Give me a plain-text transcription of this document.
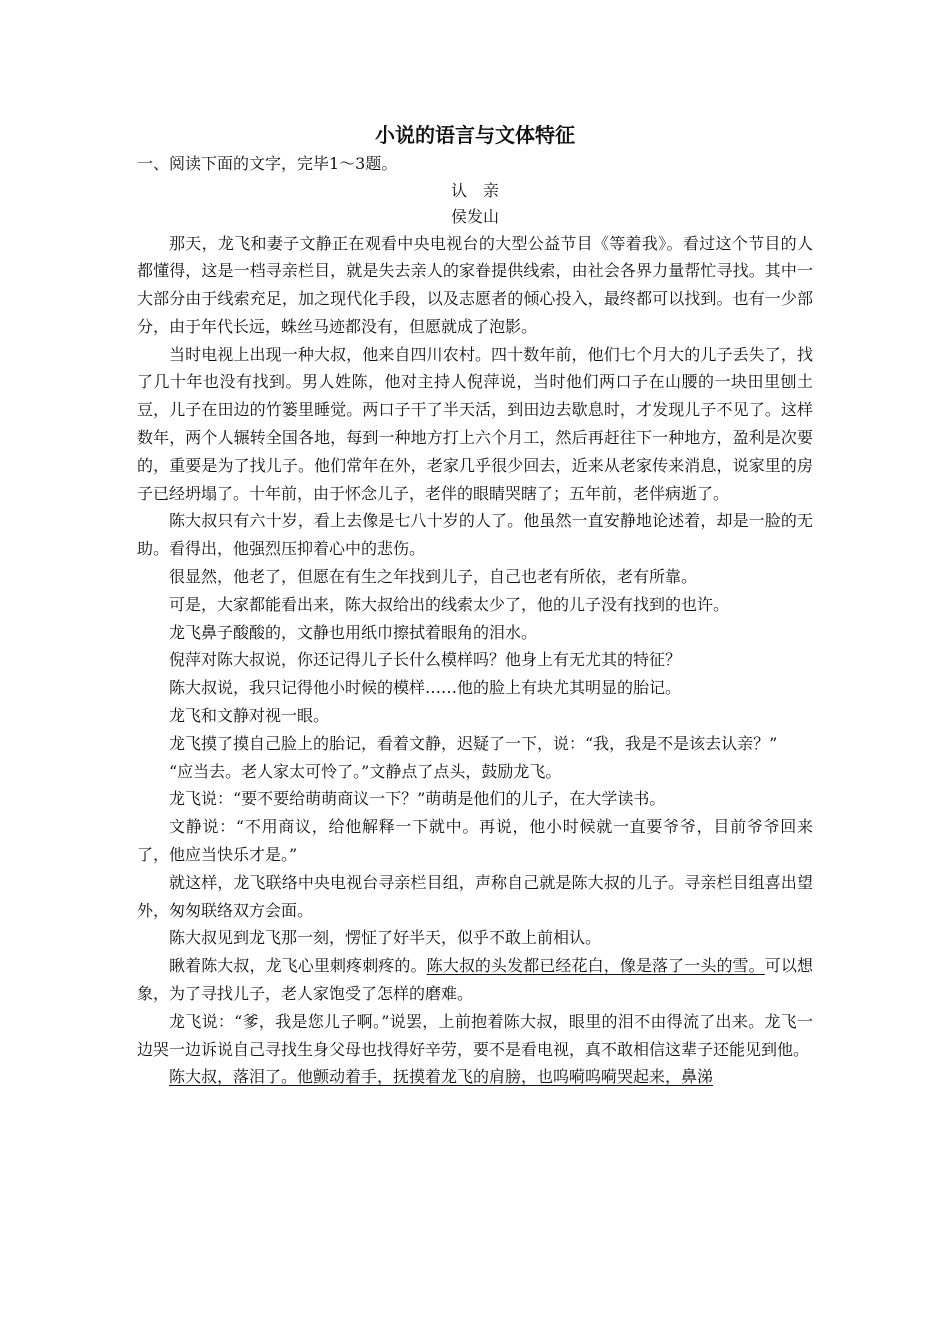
小说的语言与文体特征

一、阅读下面的文字，完毕1～3题。

认　亲

侯发山

那天，龙飞和妻子文静正在观看中央电视台的大型公益节目《等着我》。看过这个节目的人都懂得，这是一档寻亲栏目，就是失去亲人的家眷提供线索，由社会各界力量帮忙寻找。其中一大部分由于线索充足，加之现代化手段，以及志愿者的倾心投入，最终都可以找到。也有一少部分，由于年代长远，蛛丝马迹都没有，但愿就成了泡影。

当时电视上出现一种大叔，他来自四川农村。四十数年前，他们七个月大的儿子丢失了，找了几十年也没有找到。男人姓陈，他对主持人倪萍说，当时他们两口子在山腰的一块田里刨土豆，儿子在田边的竹篓里睡觉。两口子干了半天活，到田边去歇息时，才发现儿子不见了。这样数年，两个人辗转全国各地，每到一种地方打上六个月工，然后再赶往下一种地方，盈利是次要的，重要是为了找儿子。他们常年在外，老家几乎很少回去，近来从老家传来消息，说家里的房子已经坍塌了。十年前，由于怀念儿子，老伴的眼睛哭瞎了；五年前，老伴病逝了。

陈大叔只有六十岁，看上去像是七八十岁的人了。他虽然一直安静地论述着，却是一脸的无助。看得出，他强烈压抑着心中的悲伤。

很显然，他老了，但愿在有生之年找到儿子，自己也老有所依，老有所靠。

可是，大家都能看出来，陈大叔给出的线索太少了，他的儿子没有找到的也许。

龙飞鼻子酸酸的，文静也用纸巾擦拭着眼角的泪水。

倪萍对陈大叔说，你还记得儿子长什么模样吗？他身上有无尤其的特征？

陈大叔说，我只记得他小时候的模样……他的脸上有块尤其明显的胎记。

龙飞和文静对视一眼。

龙飞摸了摸自己脸上的胎记，看着文静，迟疑了一下，说：“我，我是不是该去认亲？”

“应当去。老人家太可怜了。”文静点了点头，鼓励龙飞。

龙飞说：“要不要给萌萌商议一下？”萌萌是他们的儿子，在大学读书。

文静说：“不用商议，给他解释一下就中。再说，他小时候就一直要爷爷，目前爷爷回来了，他应当快乐才是。”

就这样，龙飞联络中央电视台寻亲栏目组，声称自己就是陈大叔的儿子。寻亲栏目组喜出望外，匆匆联络双方会面。

陈大叔见到龙飞那一刻，愣怔了好半天，似乎不敢上前相认。

瞅着陈大叔，龙飞心里刺疼刺疼的。陈大叔的头发都已经花白，像是落了一头的雪。可以想象，为了寻找儿子，老人家饱受了怎样的磨难。

龙飞说：“爹，我是您儿子啊。”说罢，上前抱着陈大叔，眼里的泪不由得流了出来。龙飞一边哭一边诉说自己寻找生身父母也找得好辛劳，要不是看电视，真不敢相信这辈子还能见到他。

陈大叔，落泪了。他颤动着手，抚摸着龙飞的肩膀，也呜嗬呜嗬哭起来，鼻涕
